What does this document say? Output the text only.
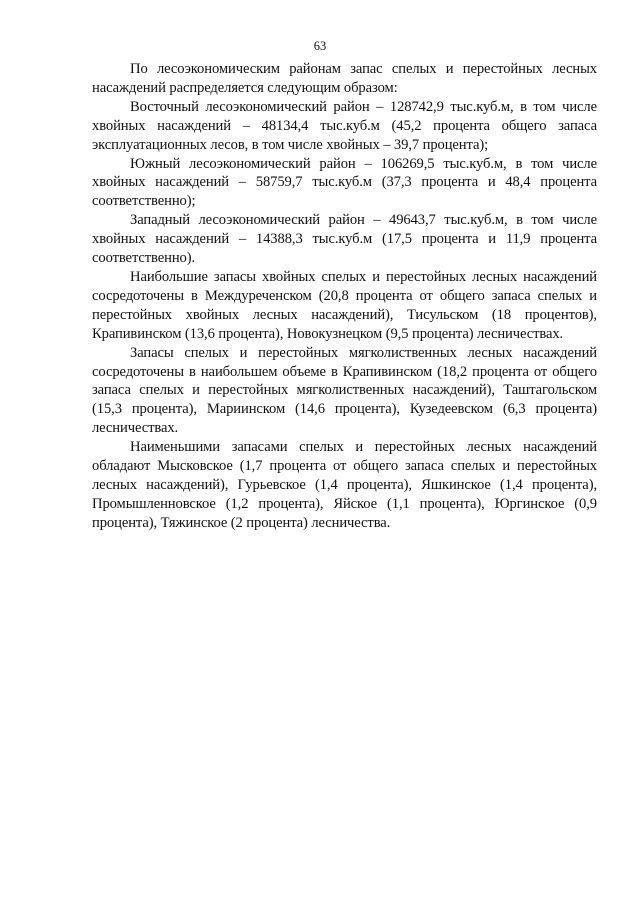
63

По лесоэкономическим районам запас спелых и перестойных лесных насаждений распределяется следующим образом:

Восточный лесоэкономический район – 128742,9 тыс.куб.м, в том числе хвойных насаждений – 48134,4 тыс.куб.м (45,2 процента общего запаса эксплуатационных лесов, в том числе хвойных – 39,7 процента);

Южный лесоэкономический район – 106269,5 тыс.куб.м, в том числе хвойных насаждений – 58759,7 тыс.куб.м (37,3 процента и 48,4 процента соответственно);

Западный лесоэкономический район – 49643,7 тыс.куб.м, в том числе хвойных насаждений – 14388,3 тыс.куб.м (17,5 процента и 11,9 процента соответственно).

Наибольшие запасы хвойных спелых и перестойных лесных насаждений сосредоточены в Междуреченском (20,8 процента от общего запаса спелых и перестойных хвойных лесных насаждений), Тисульском (18 процентов), Крапивинском (13,6 процента), Новокузнецком (9,5 процента) лесничествах.

Запасы спелых и перестойных мягколиственных лесных насаждений сосредоточены в наибольшем объеме в Крапивинском (18,2 процента от общего запаса спелых и перестойных мягколиственных насаждений), Таштагольском (15,3 процента), Мариинском (14,6 процента), Кузедеевском (6,3 процента) лесничествах.

Наименьшими запасами спелых и перестойных лесных насаждений обладают Мысковское (1,7 процента от общего запаса спелых и перестойных лесных насаждений), Гурьевское (1,4 процента), Яшкинское (1,4 процента), Промышленновское (1,2 процента), Яйское (1,1 процента), Юргинское (0,9 процента), Тяжинское (2 процента) лесничества.
